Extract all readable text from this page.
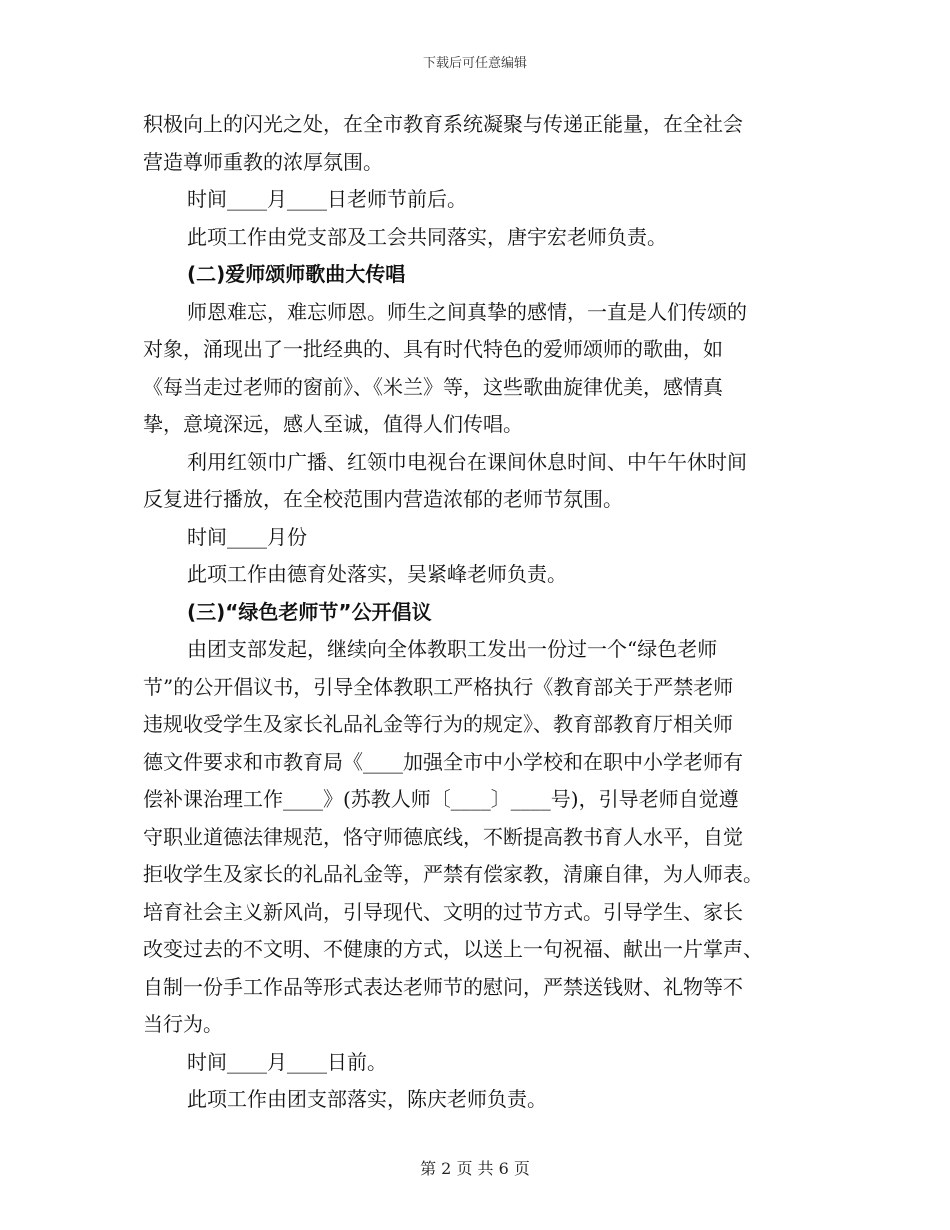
下载后可任意编辑
积极向上的闪光之处，在全市教育系统凝聚与传递正能量，在全社会
营造尊师重教的浓厚氛围。
时间____月____日老师节前后。
此项工作由党支部及工会共同落实，唐宇宏老师负责。
(二)爱师颂师歌曲大传唱
师恩难忘，难忘师恩。师生之间真挚的感情，一直是人们传颂的
对象，涌现出了一批经典的、具有时代特色的爱师颂师的歌曲，如
《每当走过老师的窗前》、《米兰》等，这些歌曲旋律优美，感情真
挚，意境深远，感人至诚，值得人们传唱。
利用红领巾广播、红领巾电视台在课间休息时间、中午午休时间
反复进行播放，在全校范围内营造浓郁的老师节氛围。
时间____月份
此项工作由德育处落实，吴紧峰老师负责。
(三)“绿色老师节”公开倡议
由团支部发起，继续向全体教职工发出一份过一个“绿色老师
节”的公开倡议书，引导全体教职工严格执行《教育部关于严禁老师
违规收受学生及家长礼品礼金等行为的规定》、教育部教育厅相关师
德文件要求和市教育局《____加强全市中小学校和在职中小学老师有
偿补课治理工作____》(苏教人师〔____〕____号)，引导老师自觉遵
守职业道德法律规范，恪守师德底线，不断提高教书育人水平，自觉
拒收学生及家长的礼品礼金等，严禁有偿家教，清廉自律，为人师表。
培育社会主义新风尚，引导现代、文明的过节方式。引导学生、家长
改变过去的不文明、不健康的方式，以送上一句祝福、献出一片掌声、
自制一份手工作品等形式表达老师节的慰问，严禁送钱财、礼物等不
当行为。
时间____月____日前。
此项工作由团支部落实，陈庆老师负责。
第 2 页 共 6 页
